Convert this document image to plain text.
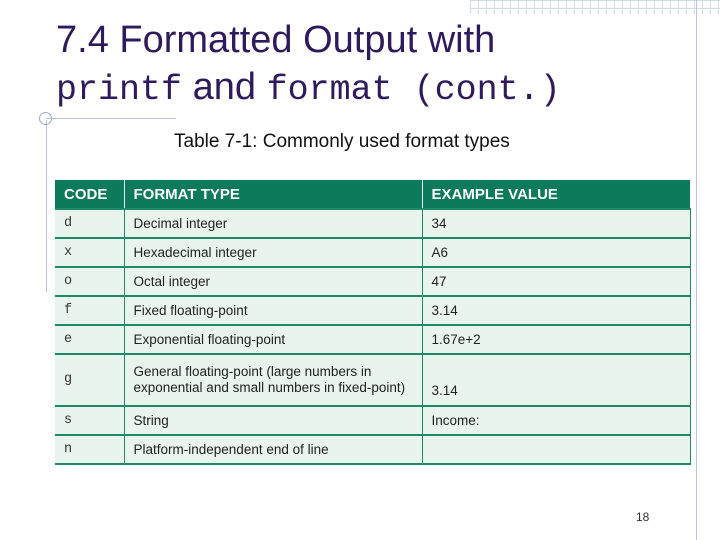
7.4 Formatted Output with
printf and format (cont.)
Table 7-1: Commonly used format types
CODE	FORMAT TYPE	EXAMPLE VALUE
d	Decimal integer	34
x	Hexadecimal integer	A6
o	Octal integer	47
f	Fixed floating-point	3.14
e	Exponential floating-point	1.67e+2
g	General floating-point (large numbers in exponential and small numbers in fixed-point)	3.14
s	String	Income:
n	Platform-independent end of line	
18
